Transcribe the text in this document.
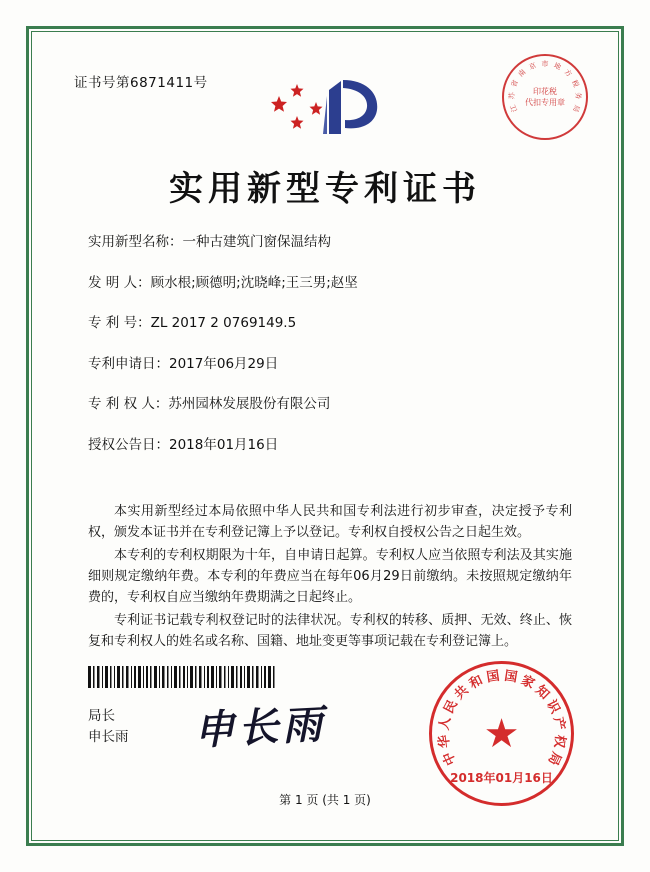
证书号第6871411号
江
苏
省
南
京 市 地
方
税
务
局
印花税
代扣专用章
实用新型专利证书
实用新型名称：一种古建筑门窗保温结构
发 明 人：顾水根;顾德明;沈晓峰;王三男;赵坚
专 利 号：ZL 2017 2 0769149.5
专利申请日：2017年06月29日
专 利 权 人：苏州园林发展股份有限公司
授权公告日：2018年01月16日

本实用新型经过本局依照中华人民共和国专利法进行初步审查，决定授予专利权，颁发本证书并在专利登记簿上予以登记。专利权自授权公告之日起生效。

本专利的专利权期限为十年，自申请日起算。专利权人应当依照专利法及其实施细则规定缴纳年费。本专利的年费应当在每年06月29日前缴纳。未按照规定缴纳年费的，专利权自应当缴纳年费期满之日起终止。

专利证书记载专利权登记时的法律状况。专利权的转移、质押、无效、终止、恢复和专利权人的姓名或名称、国籍、地址变更等事项记载在专利登记簿上。

局长
申长雨 申长雨
中
华
人
民
共
和 国 国 家
知
识
产
权
局
★
2018年01月16日
第 1 页 (共 1 页)
